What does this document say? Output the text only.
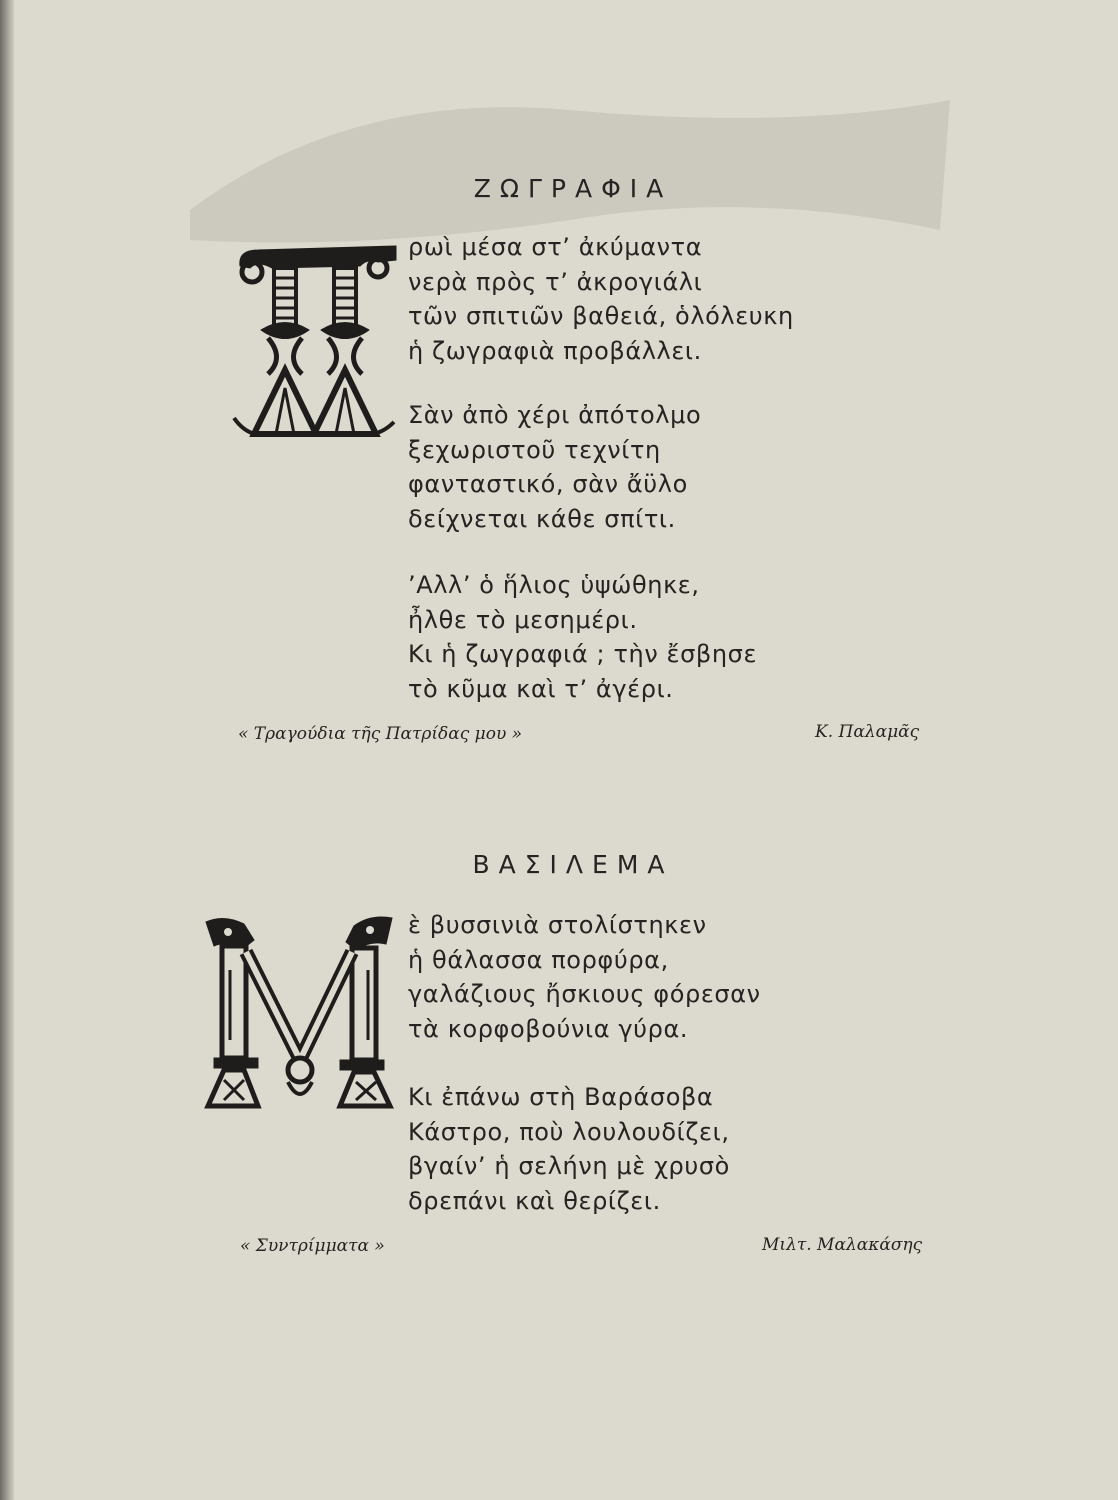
ΖΩΓΡΑΦΙΑ
ρωὶ μέσα στ’ ἀκύμαντα
νερὰ πρὸς τ’ ἀκρογιάλι
τῶν σπιτιῶν βαθειά, ὁλόλευκη
ἡ ζωγραφιὰ προβάλλει.
Σὰν ἀπὸ χέρι ἀπότολμο
ξεχωριστοῦ τεχνίτη
φανταστικό, σὰν ἄϋλο
δείχνεται κάθε σπίτι.
’Αλλ’ ὁ ἥλιος ὑψώθηκε,
ἦλθε τὸ μεσημέρι.
Κι ἡ ζωγραφιά ; τὴν ἔσβησε
τὸ κῦμα καὶ τ’ ἀγέρι.
« Τραγούδια τῆς Πατρίδας μου »	Κ. Παλαμᾶς
ΒΑΣΙΛΕΜΑ
ὲ βυσσινιὰ στολίστηκεν
ἡ θάλασσα πορφύρα,
γαλάζιους ἤσκιους φόρεσαν
τὰ κορφοβούνια γύρα.
Κι ἐπάνω στὴ Βαράσοβα
Κάστρο, ποὺ λουλουδίζει,
βγαίν’ ἡ σελήνη μὲ χρυσὸ
δρεπάνι καὶ θερίζει.
« Συντρίμματα »	Μιλτ. Μαλακάσης
